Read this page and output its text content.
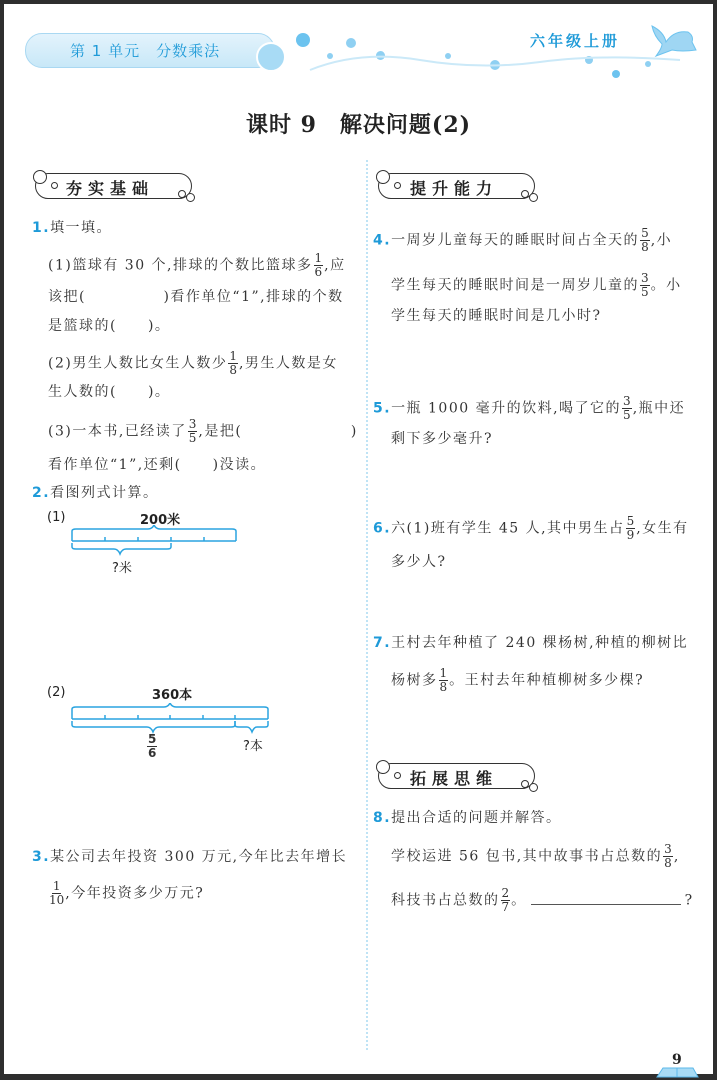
第 1 单元　分数乘法
六年级上册
课时 9　解决问题(2)
夯实基础
1.填一填。
(1)篮球有 30 个,排球的个数比篮球多 $\frac{1}{6}$ ,应
该把(　　　　　)看作单位“1”,排球的个数
是篮球的(　　)。
(2)男生人数比女生人数少 $\frac{1}{8}$ ,男生人数是女
生人数的(　　)。
(3)一本书,已经读了 $\frac{3}{5}$ ,是把(　　　　　　　)
看作单位“1”,还剩(　　)没读。
2.看图列式计算。
(1)	200米
?米
(2)	360本
$\frac{5}{6}$	?本
3.某公司去年投资 300 万元,今年比去年增长
$\frac{1}{10}$ ,今年投资多少万元?
提升能力
4.一周岁儿童每天的睡眠时间占全天的 $\frac{5}{8}$ ,小
学生每天的睡眠时间是一周岁儿童的 $\frac{3}{5}$ 。小
学生每天的睡眠时间是几小时?
5.一瓶 1000 毫升的饮料,喝了它的 $\frac{3}{5}$ ,瓶中还
剩下多少毫升?
6.六(1)班有学生 45 人,其中男生占 $\frac{5}{9}$ ,女生有
多少人?
7.王村去年种植了 240 棵杨树,种植的柳树比
杨树多 $\frac{1}{8}$ 。王村去年种植柳树多少棵?
拓展思维
8.提出合适的问题并解答。
学校运进 56 包书,其中故事书占总数的 $\frac{3}{8}$ ,
科技书占总数的 $\frac{2}{7}$ 。	?
9
